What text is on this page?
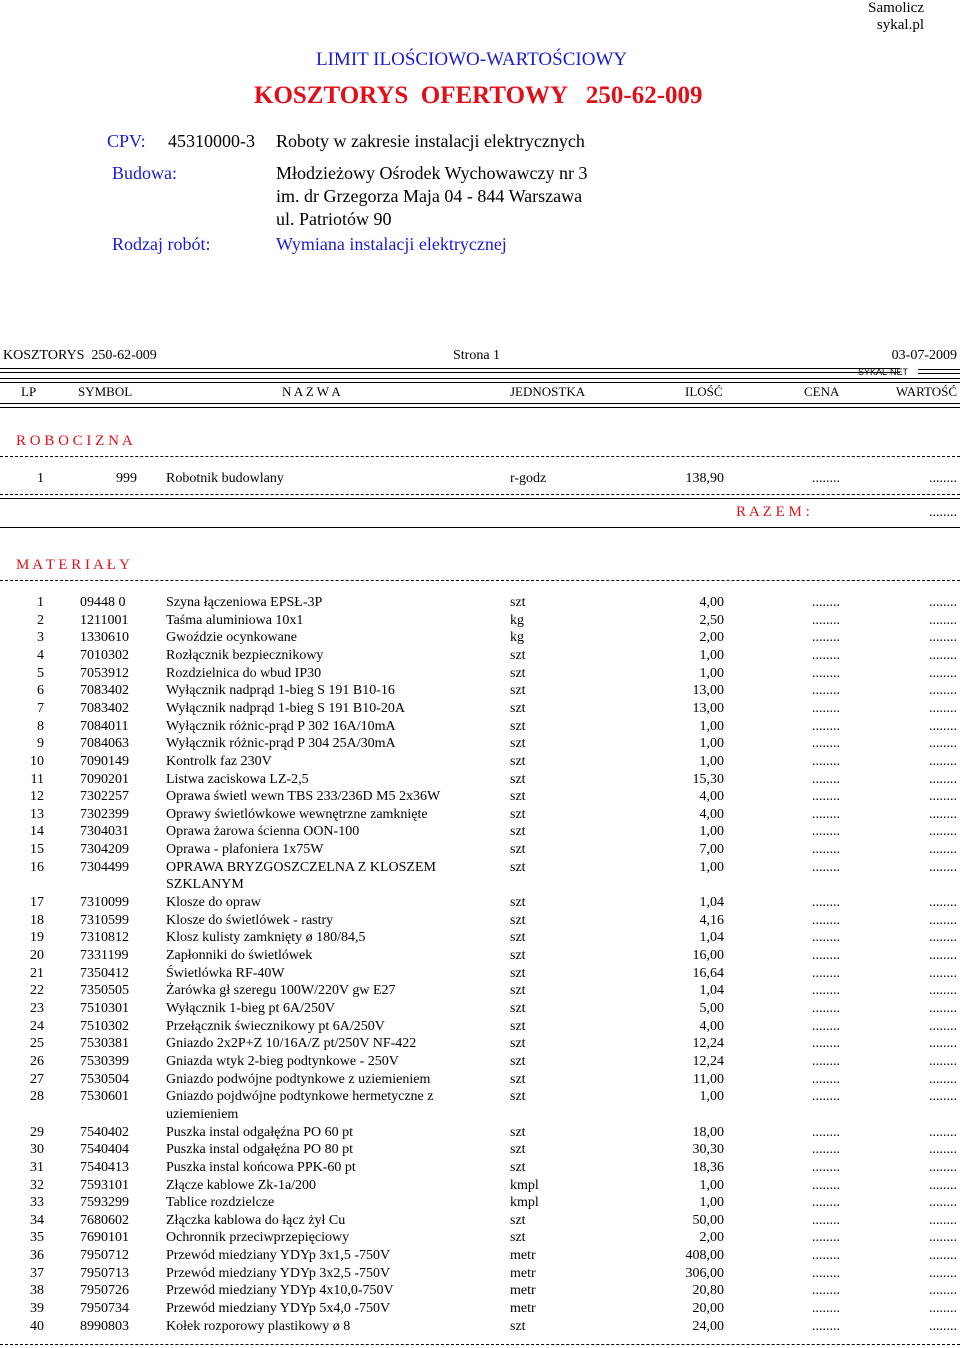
Samolicz
sykal.pl
LIMIT ILOŚCIOWO-WARTOŚCIOWY
KOSZTORYS  OFERTOWY   250-62-009
CPV: 45310000-3 Roboty w zakresie instalacji elektrycznych
Budowa:	Młodzieżowy Ośrodek Wychowawczy nr 3
im. dr Grzegorza Maja 04 - 844 Warszawa
ul. Patriotów 90
Rodzaj robót:	Wymiana instalacji elektrycznej
KOSZTORYS  250-62-009	Strona 1	03-07-2009
SYKAL-NET
LP	SYMBOL	N A Z W A	JEDNOSTKA	ILOŚĆ	CENA	WARTOŚĆ
R O B O C I Z N A
1	999 Robotnik budowlany	r-godz	138,90	........	........
R A Z E M :	........
M A T E R I A Ł Y
1	09448 0	Szyna łączeniowa EPSŁ-3P	szt	4,00	........	........
2	1211001	Taśma aluminiowa 10x1	kg	2,50	........	........
3	1330610	Gwoździe ocynkowane	kg	2,00	........	........
4	7010302	Rozłącznik bezpiecznikowy	szt	1,00	........	........
5	7053912	Rozdzielnica do wbud IP30	szt	1,00	........	........
6	7083402	Wyłącznik nadprąd 1-bieg S 191 B10-16	szt	13,00	........	........
7	7083402	Wyłącznik nadprąd 1-bieg S 191 B10-20A	szt	13,00	........	........
8	7084011	Wyłącznik różnic-prąd P 302 16A/10mA	szt	1,00	........	........
9	7084063	Wyłącznik różnic-prąd P 304 25A/30mA	szt	1,00	........	........
10	7090149	Kontrolk faz 230V	szt	1,00	........	........
11	7090201	Listwa zaciskowa LZ-2,5	szt	15,30	........	........
12	7302257	Oprawa świetl wewn TBS 233/236D M5 2x36W	szt	4,00	........	........
13	7302399	Oprawy świetlówkowe wewnętrzne zamknięte	szt	4,00	........	........
14	7304031	Oprawa żarowa ścienna OON-100	szt	1,00	........	........
15	7304209	Oprawa - plafoniera 1x75W	szt	7,00	........	........
16	7304499	OPRAWA BRYZGOSZCZELNA Z KLOSZEM SZKLANYM
szt	1,00	........	........
17	7310099	Klosze do opraw	szt	1,04	........	........
18	7310599	Klosze do świetlówek - rastry	szt	4,16	........	........
19	7310812	Klosz kulisty zamknięty ø 180/84,5	szt	1,04	........	........
20	7331199	Zapłonniki do świetlówek	szt	16,00	........	........
21	7350412	Świetlówka RF-40W	szt	16,64	........	........
22	7350505	Żarówka gł szeregu 100W/220V gw E27	szt	1,04	........	........
23	7510301	Wyłącznik 1-bieg pt 6A/250V	szt	5,00	........	........
24	7510302	Przełącznik świecznikowy pt 6A/250V	szt	4,00	........	........
25	7530381	Gniazdo 2x2P+Z 10/16A/Z pt/250V NF-422	szt	12,24	........	........
26	7530399	Gniazda wtyk 2-bieg podtynkowe - 250V	szt	12,24	........	........
27	7530504	Gniazdo podwójne podtynkowe z uziemieniem	szt	11,00	........	........
28	7530601	Gniazdo pojdwójne podtynkowe hermetyczne z uziemieniem
szt	1,00	........	........
29	7540402	Puszka instal odgałęźna PO 60 pt	szt	18,00	........	........
30	7540404	Puszka instal odgałęźna PO 80 pt	szt	30,30	........	........
31	7540413	Puszka instal końcowa PPK-60 pt	szt	18,36	........	........
32	7593101	Złącze kablowe Zk-1a/200	kmpl	1,00	........	........
33	7593299	Tablice rozdzielcze	kmpl	1,00	........	........
34	7680602	Złączka kablowa do łącz żył Cu	szt	50,00	........	........
35	7690101	Ochronnik przeciwprzepięciowy	szt	2,00	........	........
36	7950712	Przewód miedziany YDYp 3x1,5 -750V	metr	408,00	........	........
37	7950713	Przewód miedziany YDYp 3x2,5 -750V	metr	306,00	........	........
38	7950726	Przewód miedziany YDYp 4x10,0-750V	metr	20,80	........	........
39	7950734	Przewód miedziany YDYp 5x4,0 -750V	metr	20,00	........	........
40	8990803	Kołek rozporowy plastikowy ø 8	szt	24,00	........	........
